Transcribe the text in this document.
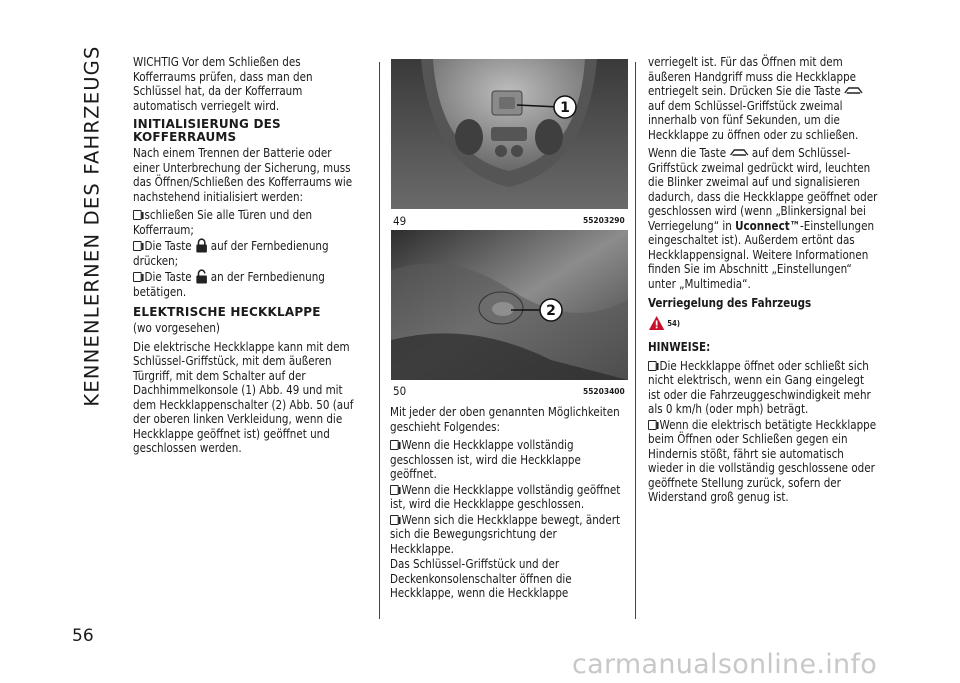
KENNENLERNEN DES FAHRZEUGS
56

WICHTIG Vor dem Schließen des Kofferraums prüfen, dass man den Schlüssel hat, da der Kofferraum automatisch verriegelt wird.

INITIALISIERUNG DES KOFFERRAUMS

Nach einem Trennen der Batterie oder einer Unterbrechung der Sicherung, muss das Öffnen/Schließen des Kofferraums wie nachstehend initialisiert werden:

schließen Sie alle Türen und den Kofferraum;

Die Taste auf der Fernbedienung drücken;

Die Taste an der Fernbedienung betätigen.

ELEKTRISCHE HECKKLAPPE

(wo vorgesehen)

Die elektrische Heckklappe kann mit dem Schlüssel-Griffstück, mit dem äußeren Türgriff, mit dem Schalter auf der Dachhimmelkonsole (1) Abb. 49 und mit dem Heckklappenschalter (2) Abb. 50 (auf der oberen linken Verkleidung, wenn die Heckklappe geöffnet ist) geöffnet und geschlossen werden.

1
49	55203290
2
50	55203400

Mit jeder der oben genannten Möglichkeiten geschieht Folgendes:

Wenn die Heckklappe vollständig geschlossen ist, wird die Heckklappe geöffnet.

Wenn die Heckklappe vollständig geöffnet ist, wird die Heckklappe geschlossen.

Wenn sich die Heckklappe bewegt, ändert sich die Bewegungsrichtung der Heckklappe.

Das Schlüssel-Griffstück und der Deckenkonsolenschalter öffnen die Heckklappe, wenn die Heckklappe

verriegelt ist. Für das Öffnen mit dem äußeren Handgriff muss die Heckklappe entriegelt sein. Drücken Sie die Taste  auf dem Schlüssel-Griffstück zweimal innerhalb von fünf Sekunden, um die Heckklappe zu öffnen oder zu schließen.

Wenn die Taste auf dem Schlüssel-Griffstück zweimal gedrückt wird, leuchten die Blinker zweimal auf und signalisieren dadurch, dass die Heckklappe geöffnet oder geschlossen wird (wenn „Blinkersignal bei Verriegelung“ in Uconnect™-Einstellungen eingeschaltet ist). Außerdem ertönt das Heckklappensignal. Weitere Informationen finden Sie im Abschnitt „Einstellungen“ unter „Multimedia“.

Verriegelung des Fahrzeugs

$^{54)}$

HINWEISE:

Die Heckklappe öffnet oder schließt sich nicht elektrisch, wenn ein Gang eingelegt ist oder die Fahrzeuggeschwindigkeit mehr als 0 km/h (oder mph) beträgt.

Wenn die elektrisch betätigte Heckklappe beim Öffnen oder Schließen gegen ein Hindernis stößt, fährt sie automatisch wieder in die vollständig geschlossene oder geöffnete Stellung zurück, sofern der Widerstand groß genug ist.

carmanualsonline.info
